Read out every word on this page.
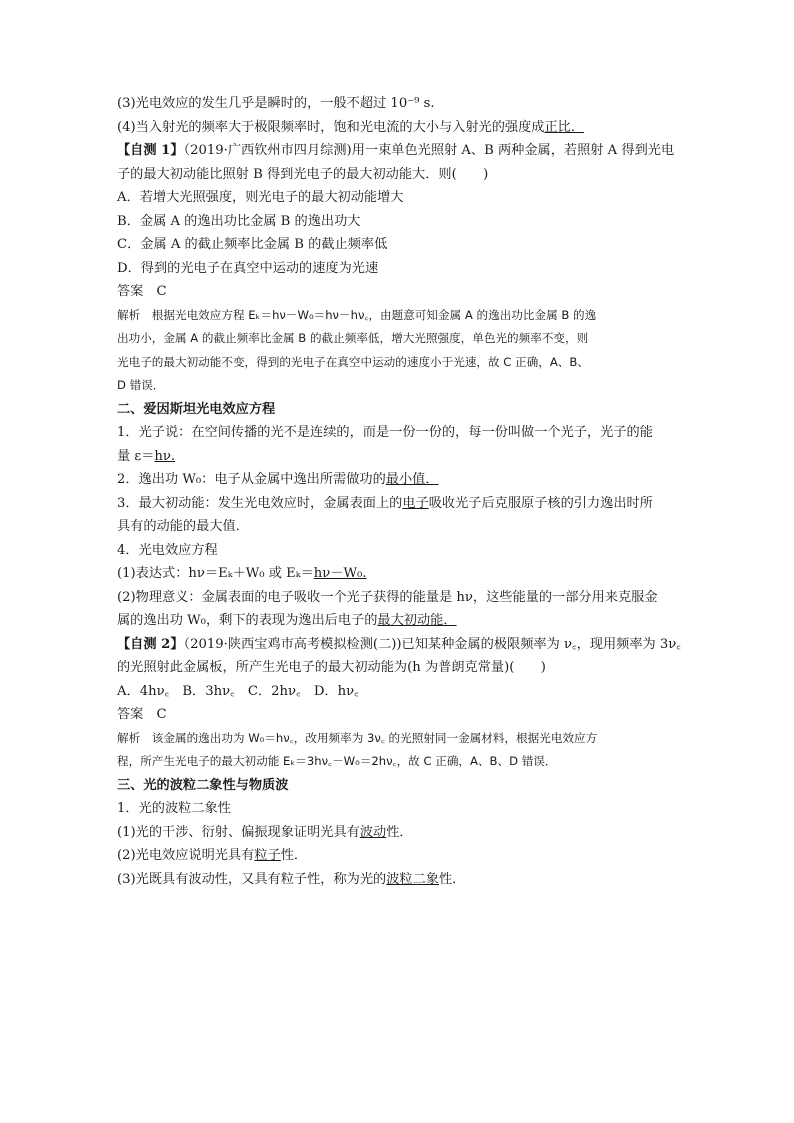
(3)光电效应的发生几乎是瞬时的，一般不超过 10⁻⁹ s.
(4)当入射光的频率大于极限频率时，饱和光电流的大小与入射光的强度成正比．
【自测 1】（2019·广西钦州市四月综测)用一束单色光照射 A、B 两种金属，若照射 A 得到光电
子的最大初动能比照射 B 得到光电子的最大初动能大．则(　　)
A．若增大光照强度，则光电子的最大初动能增大
B．金属 A 的逸出功比金属 B 的逸出功大
C．金属 A 的截止频率比金属 B 的截止频率低
D．得到的光电子在真空中运动的速度为光速
答案　C
解析　根据光电效应方程 Eₖ＝hν－W₀＝hν－hν꜀，由题意可知金属 A 的逸出功比金属 B 的逸
出功小，金属 A 的截止频率比金属 B 的截止频率低，增大光照强度，单色光的频率不变，则
光电子的最大初动能不变，得到的光电子在真空中运动的速度小于光速，故 C 正确，A、B、
D 错误．
二、爱因斯坦光电效应方程
1．光子说：在空间传播的光不是连续的，而是一份一份的，每一份叫做一个光子，光子的能
量 ε＝hν.
2．逸出功 W₀：电子从金属中逸出所需做功的最小值．
3．最大初动能：发生光电效应时，金属表面上的电子吸收光子后克服原子核的引力逸出时所
具有的动能的最大值．
4．光电效应方程
(1)表达式：hν＝Eₖ＋W₀ 或 Eₖ＝hν－W₀.
(2)物理意义：金属表面的电子吸收一个光子获得的能量是 hν，这些能量的一部分用来克服金
属的逸出功 W₀，剩下的表现为逸出后电子的最大初动能．
【自测 2】（2019·陕西宝鸡市高考模拟检测(二))已知某种金属的极限频率为 ν꜀，现用频率为 3ν꜀
的光照射此金属板，所产生光电子的最大初动能为(h 为普朗克常量)(　　)
A．4hν꜀　B．3hν꜀　C．2hν꜀　D．hν꜀
答案　C
解析　该金属的逸出功为 W₀＝hν꜀，改用频率为 3ν꜀ 的光照射同一金属材料，根据光电效应方
程，所产生光电子的最大初动能 Eₖ＝3hν꜀－W₀＝2hν꜀，故 C 正确，A、B、D 错误．
三、光的波粒二象性与物质波
1．光的波粒二象性
(1)光的干涉、衍射、偏振现象证明光具有波动性．
(2)光电效应说明光具有粒子性．
(3)光既具有波动性，又具有粒子性，称为光的波粒二象性．
